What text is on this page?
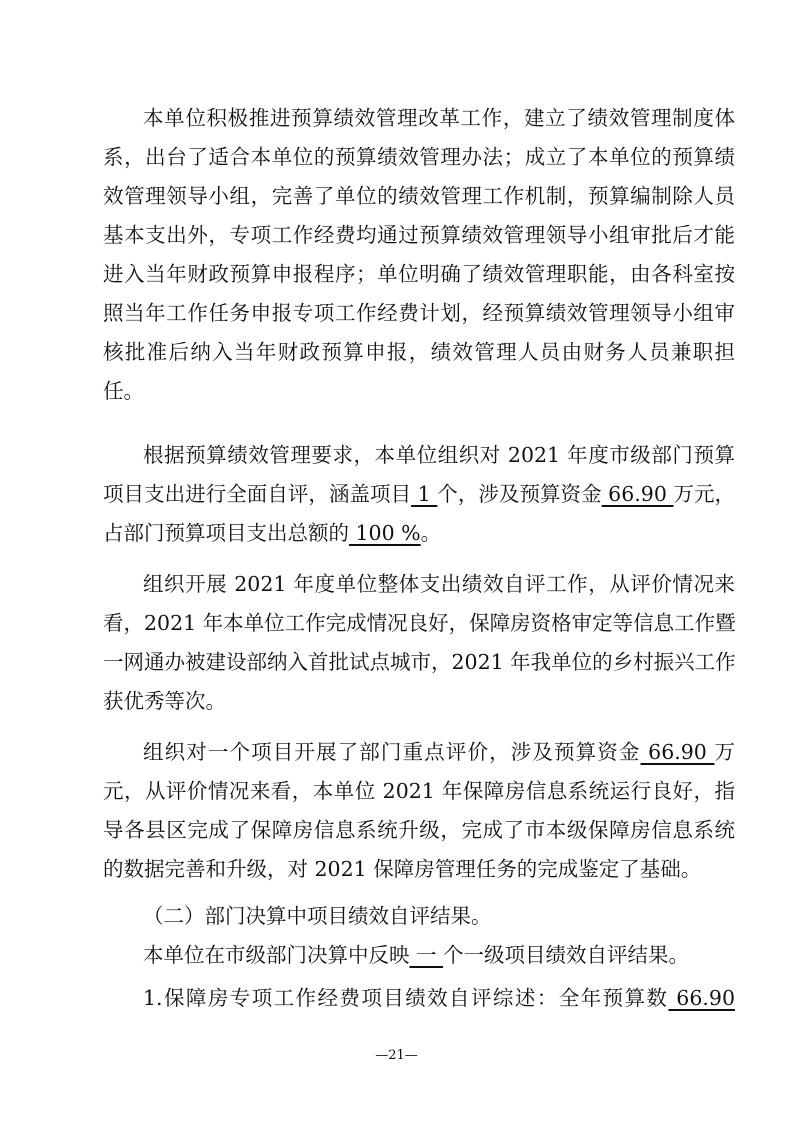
本单位积极推进预算绩效管理改革工作，建立了绩效管理制度体
系，出台了适合本单位的预算绩效管理办法；成立了本单位的预算绩
效管理领导小组，完善了单位的绩效管理工作机制，预算编制除人员
基本支出外，专项工作经费均通过预算绩效管理领导小组审批后才能
进入当年财政预算申报程序；单位明确了绩效管理职能，由各科室按
照当年工作任务申报专项工作经费计划，经预算绩效管理领导小组审
核批准后纳入当年财政预算申报，绩效管理人员由财务人员兼职担
任。
根据预算绩效管理要求，本单位组织对 2021 年度市级部门预算
项目支出进行全面自评，涵盖项目 1 个，涉及预算资金 66.90 万元，
占部门预算项目支出总额的 100 %。
组织开展 2021 年度单位整体支出绩效自评工作，从评价情况来
看，2021 年本单位工作完成情况良好，保障房资格审定等信息工作暨
一网通办被建设部纳入首批试点城市，2021 年我单位的乡村振兴工作
获优秀等次。
组织对一个项目开展了部门重点评价，涉及预算资金 66.90 万
元，从评价情况来看，本单位 2021 年保障房信息系统运行良好，指
导各县区完成了保障房信息系统升级，完成了市本级保障房信息系统
的数据完善和升级，对 2021 保障房管理任务的完成鉴定了基础。
（二）部门决算中项目绩效自评结果。
本单位在市级部门决算中反映 一 个一级项目绩效自评结果。
1.保障房专项工作经费项目绩效自评综述：全年预算数 66.90
—21—
